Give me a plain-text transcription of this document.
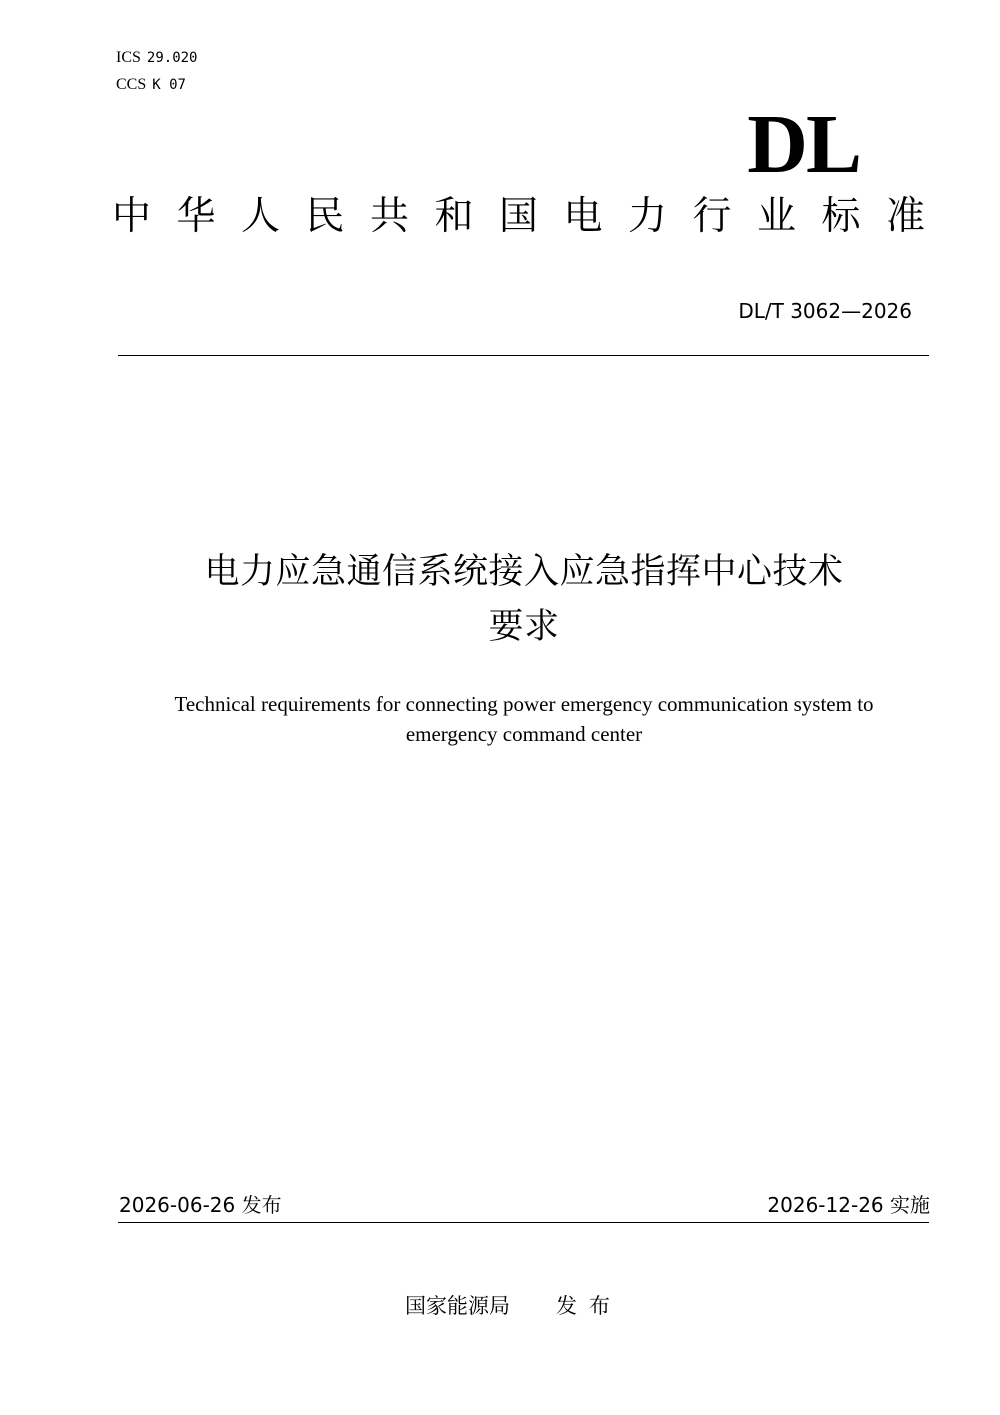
ICS 29.020
CCS K 07
DL
中华人民共和国电力行业标准
DL/T 3062—2026
电力应急通信系统接入应急指挥中心技术
要求
Technical requirements for connecting power emergency communication system to
emergency command center
2026-06-26 发布	2026-12-26 实施
国家能源局 发布
